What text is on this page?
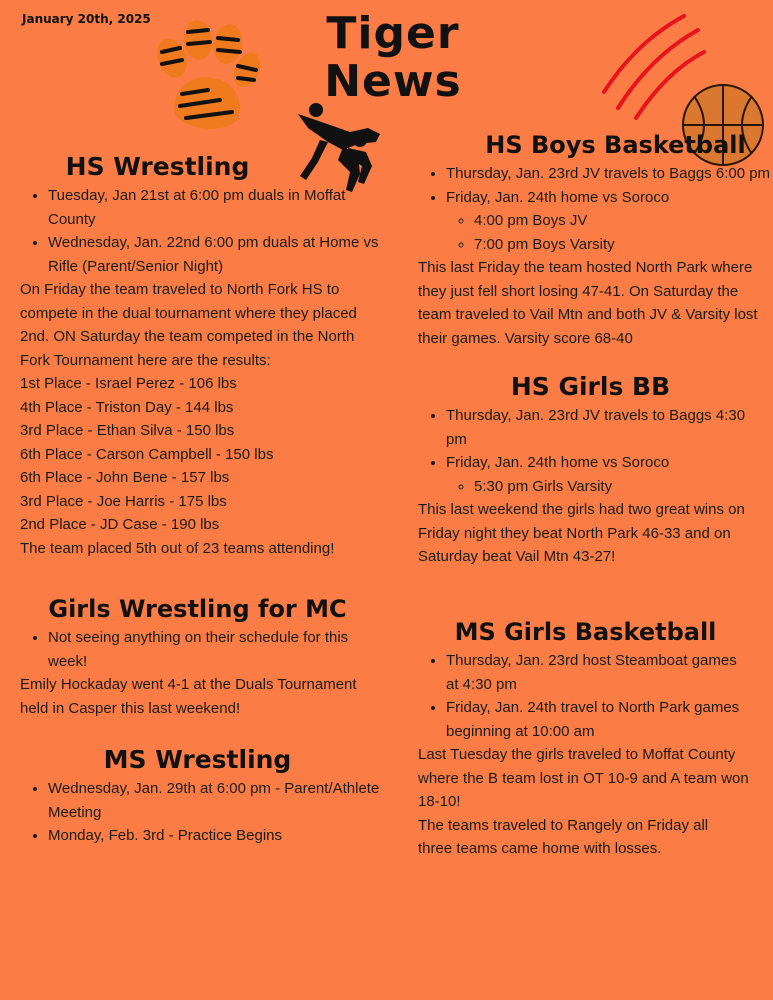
January 20th, 2025	Tiger
News
HS Wrestling
• Tuesday, Jan 21st at 6:00 pm duals in Moffat County
• Wednesday, Jan. 22nd 6:00 pm duals at Home vs Rifle (Parent/Senior Night)

On Friday the team traveled to North Fork HS to compete in the dual tournament where they placed 2nd. ON Saturday the team competed in the North Fork Tournament here are the results:

1st Place - Israel Perez - 106 lbs

4th Place - Triston Day - 144 lbs

3rd Place - Ethan Silva - 150 lbs

6th Place - Carson Campbell - 150 lbs

6th Place - John Bene - 157 lbs

3rd Place - Joe Harris - 175 lbs

2nd Place - JD Case - 190 lbs

The team placed 5th out of 23 teams attending!

Girls Wrestling for MC
• Not seeing anything on their schedule for this week!

Emily Hockaday went 4-1 at the Duals Tournament held in Casper this last weekend!

MS Wrestling
• Wednesday, Jan. 29th at 6:00 pm - Parent/Athlete Meeting
• Monday, Feb. 3rd - Practice Begins
HS Boys Basketball
• Thursday, Jan. 23rd JV travels to Baggs 6:00 pm
• Friday, Jan. 24th home vs Soroco
◦ 4:00 pm Boys JV
◦ 7:00 pm Boys Varsity

This last Friday the team hosted North Park where they just fell short losing 47-41. On Saturday the team traveled to Vail Mtn and both JV & Varsity lost their games. Varsity score 68-40

HS Girls BB
• Thursday, Jan. 23rd JV travels to Baggs 4:30 pm
• Friday, Jan. 24th home vs Soroco
◦ 5:30 pm Girls Varsity

This last weekend the girls had two great wins on Friday night they beat North Park 46-33 and on Saturday beat Vail Mtn 43-27!

MS Girls Basketball
• Thursday, Jan. 23rd host Steamboat games at 4:30 pm
• Friday, Jan. 24th travel to North Park games beginning at 10:00 am

Last Tuesday the girls traveled to Moffat County where the B team lost in OT 10-9 and A team won 18-10!

The teams traveled to Rangely on Friday all three teams came home with losses.
